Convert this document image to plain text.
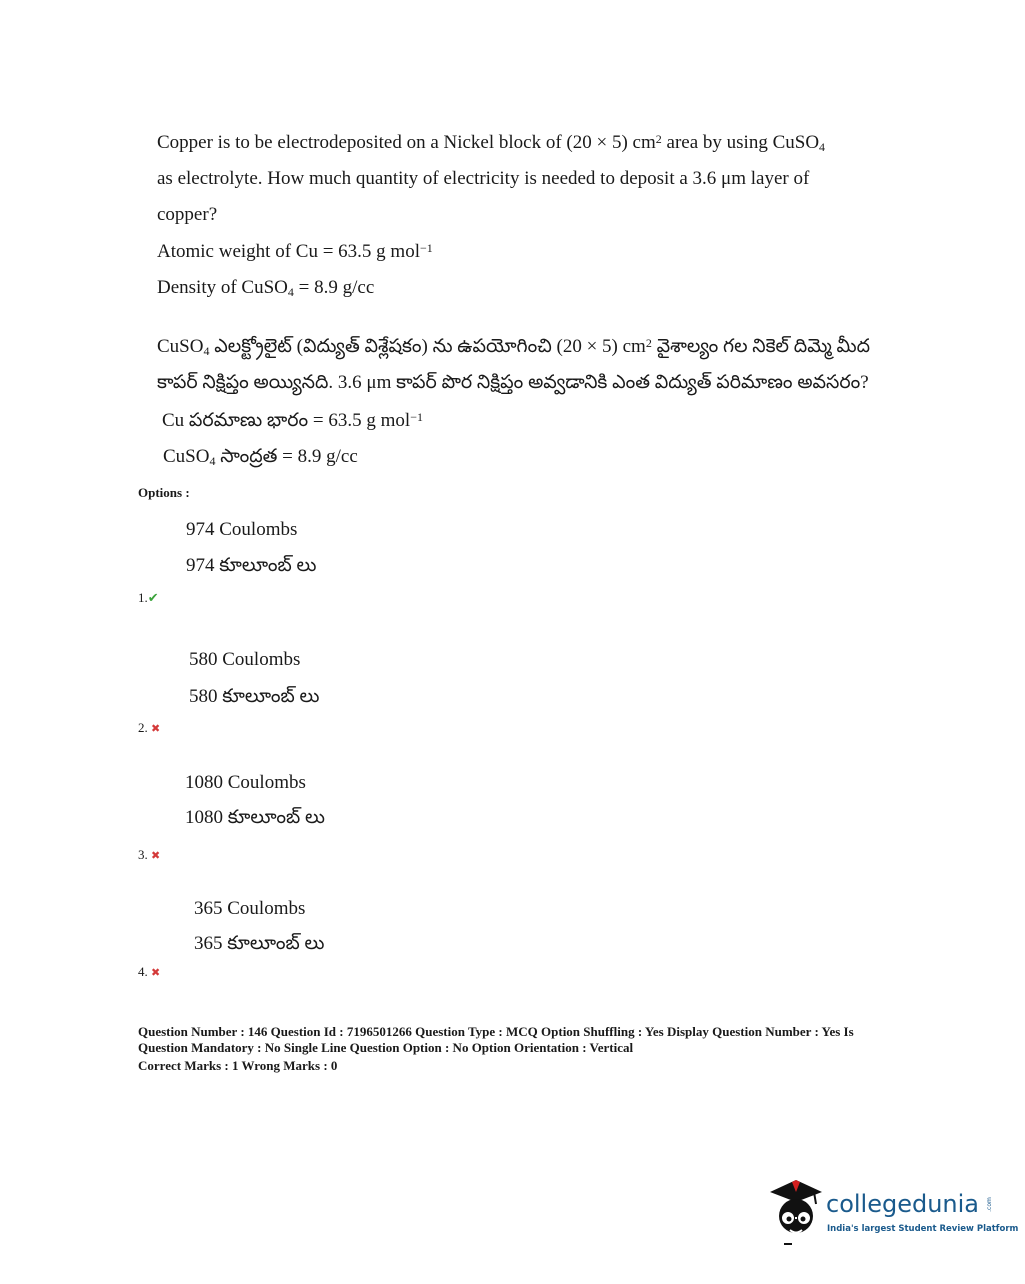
Copper is to be electrodeposited on a Nickel block of (20 × 5) $cm^2$ area by using CuSO$_4$
as electrolyte. How much quantity of electricity is needed to deposit a 3.6 μm layer of
copper?
Atomic weight of Cu = 63.5 g mol$^{-1}$
Density of CuSO$_4$ = 8.9 g/cc
CuSO$_4$ ఎలక్ట్రోలైట్ (విద్యుత్ విశ్లేషకం) ను ఉపయోగించి (20 × 5) $cm^2$ వైశాల్యం గల నికెల్ దిమ్మె మీద
కాపర్ నిక్షిప్తం అయ్యినది. 3.6 μm కాపర్ పొర నిక్షిప్తం అవ్వడానికి ఎంత విద్యుత్ పరిమాణం అవసరం?
Cu పరమాణు భారం = 63.5 g mol$^{-1}$
CuSO$_4$ సాంద్రత = 8.9 g/cc
Options :
974 Coulombs
974 కూలూంబ్ లు
1.✔
580 Coulombs
580 కూలూంబ్ లు
2. ✖
1080 Coulombs
1080 కూలూంబ్ లు
3. ✖
365 Coulombs
365 కూలూంబ్ లు
4. ✖
Question Number : 146 Question Id : 7196501266 Question Type : MCQ Option Shuffling : Yes Display Question Number : Yes Is
Question Mandatory : No Single Line Question Option : No Option Orientation : Vertical
Correct Marks : 1 Wrong Marks : 0
collegedunia .com
India's largest Student Review Platform
